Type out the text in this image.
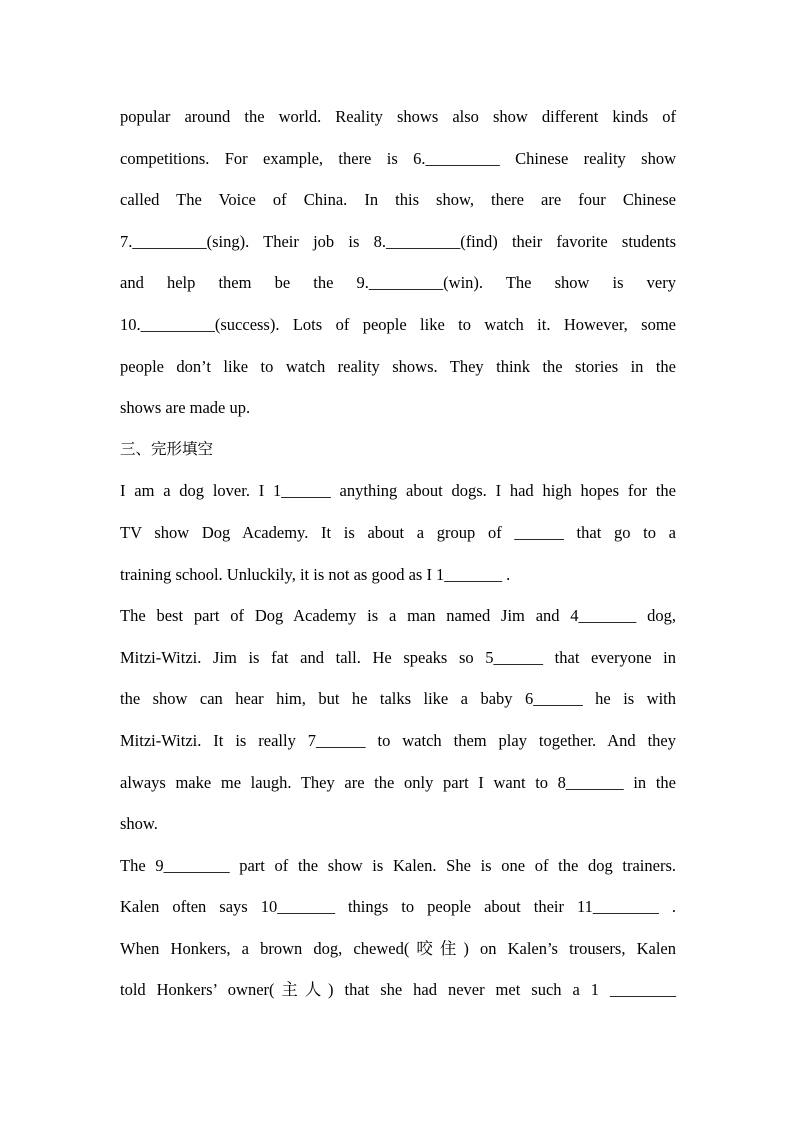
popular around the world. Reality shows also show different kinds of
competitions. For example, there is 6._________ Chinese reality show
called The Voice of China. In this show, there are four Chinese
7._________(sing). Their job is 8._________(find) their favorite students
and help them be the 9._________(win). The show is very
10._________(success). Lots of people like to watch it. However, some
people don’t like to watch reality shows. They think the stories in the
shows are made up.
三、完形填空
I am a dog lover. I 1______ anything about dogs. I had high hopes for the
TV show Dog Academy. It is about a group of ______ that go to a
training school. Unluckily, it is not as good as I 1_______ .
The best part of Dog Academy is a man named Jim and 4_______ dog,
Mitzi-Witzi. Jim is fat and tall. He speaks so 5______ that everyone in
the show can hear him, but he talks like a baby 6______ he is with
Mitzi-Witzi. It is really 7______ to watch them play together. And they
always make me laugh. They are the only part I want to 8_______ in the
show.
The 9________ part of the show is Kalen. She is one of the dog trainers.
Kalen often says 10_______ things to people about their 11________ .
When Honkers, a brown dog, chewed(咬住) on Kalen’s trousers, Kalen
told Honkers’ owner(主人) that she had never met such a 1 ________
